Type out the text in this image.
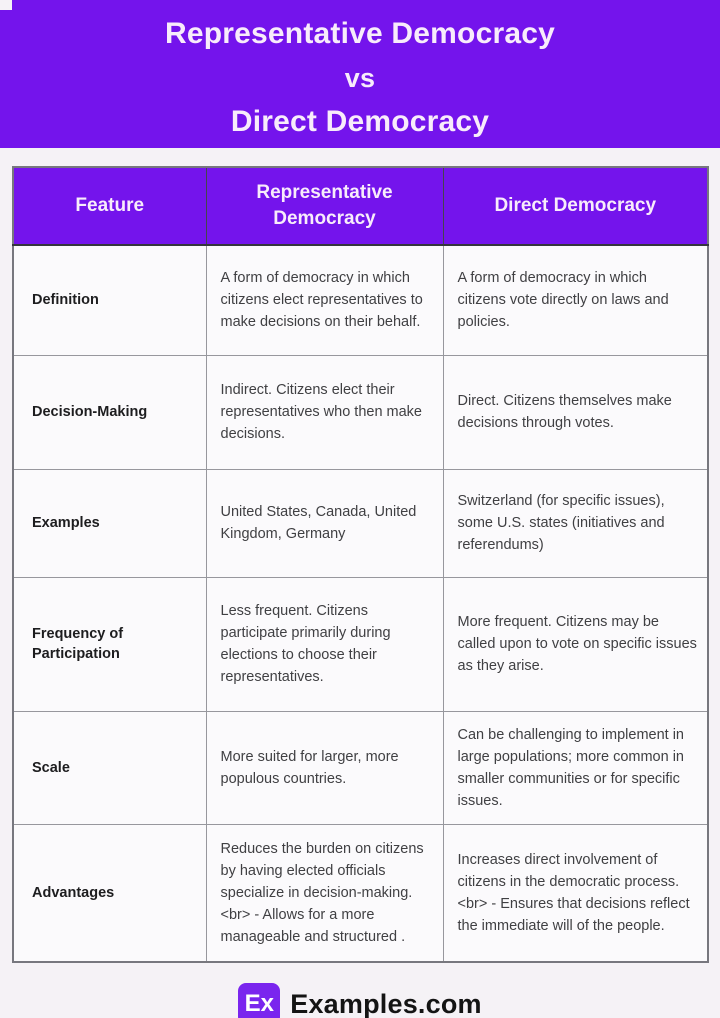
Representative Democracy
vs
Direct Democracy
Feature	Representative Democracy	Direct Democracy
Definition	A form of democracy in which citizens elect representatives to make decisions on their behalf.	A form of democracy in which citizens vote directly on laws and policies.
Decision-Making	Indirect. Citizens elect their representatives who then make decisions.	Direct. Citizens themselves make decisions through votes.
Examples	United States, Canada, United Kingdom, Germany	Switzerland (for specific issues), some U.S. states (initiatives and referendums)
Frequency of Participation	Less frequent. Citizens participate primarily during elections to choose their representatives.	More frequent. Citizens may be called upon to vote on specific issues as they arise.
Scale	More suited for larger, more populous countries.	Can be challenging to implement in large populations; more common in smaller communities or for specific issues.
Advantages	Reduces the burden on citizens by having elected officials specialize in decision-making. <br> - Allows for a more manageable and structured .	Increases direct involvement of citizens in the democratic process. <br> - Ensures that decisions reflect the immediate will of the people.
Ex Examples.com
